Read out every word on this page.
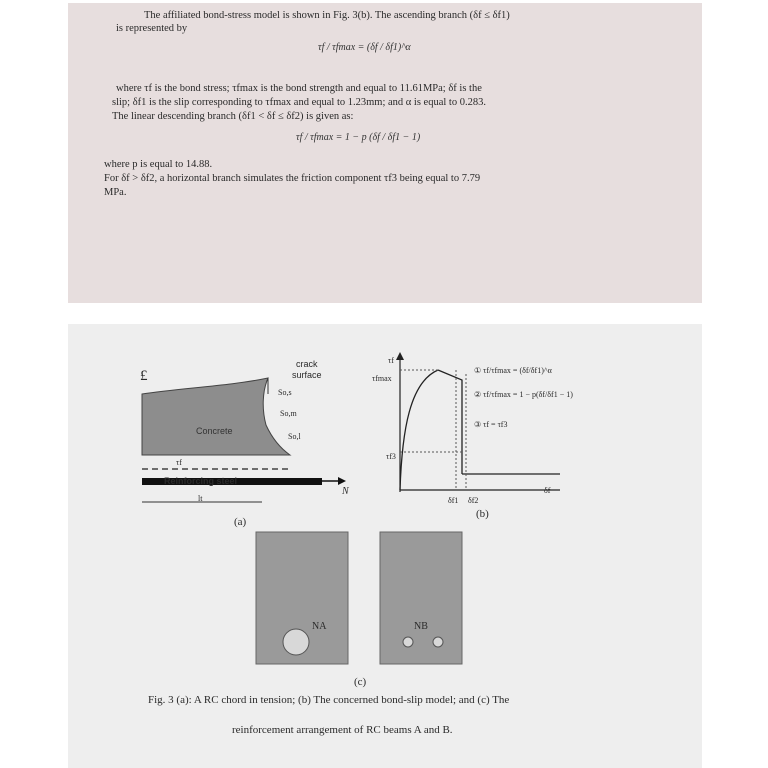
The affiliated bond-stress model is shown in Fig. 3(b). The ascending branch (δf ≤ δf1)
is represented by
τf / τfmax = (δf / δf1)^α
where τf is the bond stress; τfmax is the bond strength and equal to 11.61MPa; δf is the
slip; δf1 is the slip corresponding to τfmax and equal to 1.23mm; and α is equal to 0.283.
The linear descending branch (δf1 < δf ≤ δf2) is given as:
τf / τfmax = 1 − p (δf / δf1 − 1)
where p is equal to 14.88.
For δf > δf2, a horizontal branch simulates the friction component τf3 being equal to 7.79
MPa.
£
crack
surface
So,s
So,m
So,l
Concrete
τf
Reinforcing steel
lt
N
(a)
τf
τfmax
τf3
δf1 δf2
δf
① τf/τfmax = (δf/δf1)^α
② τf/τfmax = 1 − p(δf/δf1 − 1)
③ τf = τf3
(b)
NA	NB
(c)
Fig. 3 (a): A RC chord in tension; (b) The concerned bond-slip model; and (c) The
reinforcement arrangement of RC beams A and B.
